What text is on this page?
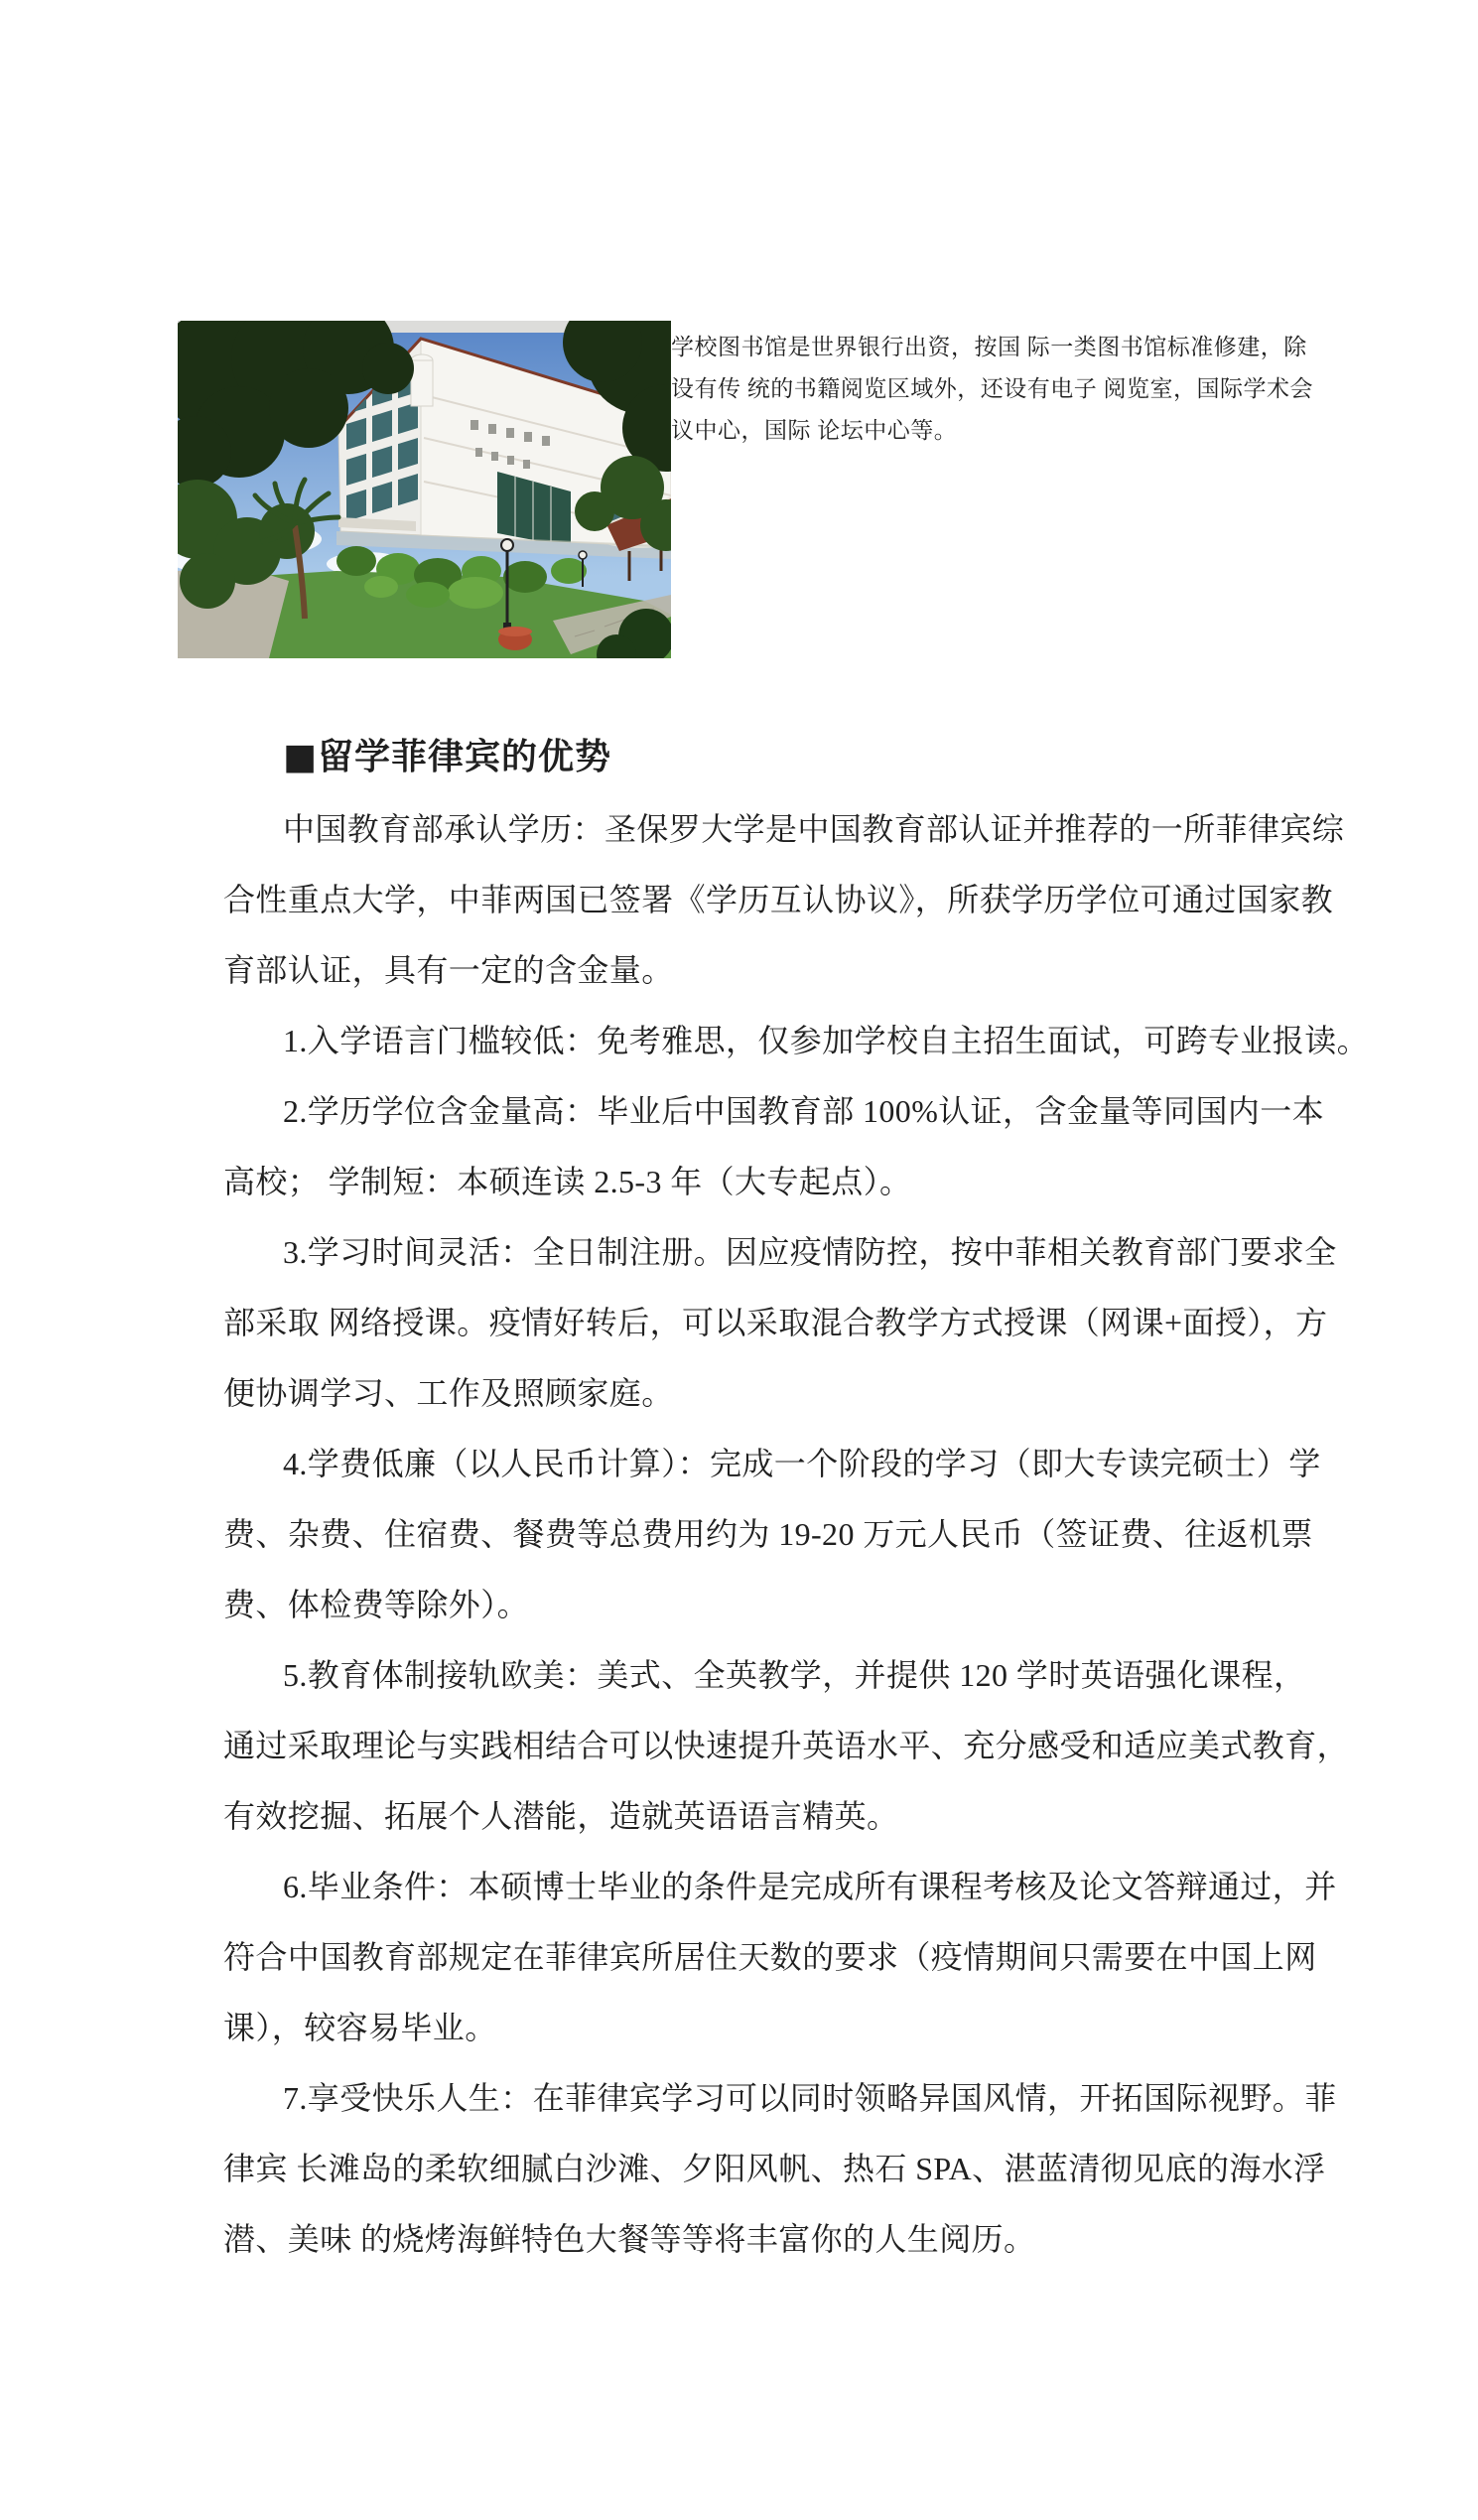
学校图书馆是世界银行出资，按国 际一类图书馆标准修建，除
设有传 统的书籍阅览区域外，还设有电子 阅览室，国际学术会
议中心，国际 论坛中心等。
■留学菲律宾的优势
中国教育部承认学历：圣保罗大学是中国教育部认证并推荐的一所菲律宾综
合性重点大学，中菲两国已签署《学历互认协议》，所获学历学位可通过国家教
育部认证，具有一定的含金量。
1.入学语言门槛较低：免考雅思，仅参加学校自主招生面试，可跨专业报读。
2.学历学位含金量高：毕业后中国教育部 100%认证，含金量等同国内一本
高校； 学制短：本硕连读 2.5-3 年（大专起点）。
3.学习时间灵活：全日制注册。因应疫情防控，按中菲相关教育部门要求全
部采取 网络授课。疫情好转后，可以采取混合教学方式授课（网课+面授），方
便协调学习、工作及照顾家庭。
4.学费低廉（以人民币计算）：完成一个阶段的学习（即大专读完硕士）学
费、杂费、住宿费、餐费等总费用约为 19-20 万元人民币（签证费、往返机票
费、体检费等除外）。
5.教育体制接轨欧美：美式、全英教学，并提供 120 学时英语强化课程，
通过采取理论与实践相结合可以快速提升英语水平、充分感受和适应美式教育，
有效挖掘、拓展个人潜能，造就英语语言精英。
6.毕业条件：本硕博士毕业的条件是完成所有课程考核及论文答辩通过，并
符合中国教育部规定在菲律宾所居住天数的要求（疫情期间只需要在中国上网
课），较容易毕业。
7.享受快乐人生：在菲律宾学习可以同时领略异国风情，开拓国际视野。菲
律宾 长滩岛的柔软细腻白沙滩、夕阳风帆、热石 SPA、湛蓝清彻见底的海水浮
潜、美味 的烧烤海鲜特色大餐等等将丰富你的人生阅历。
